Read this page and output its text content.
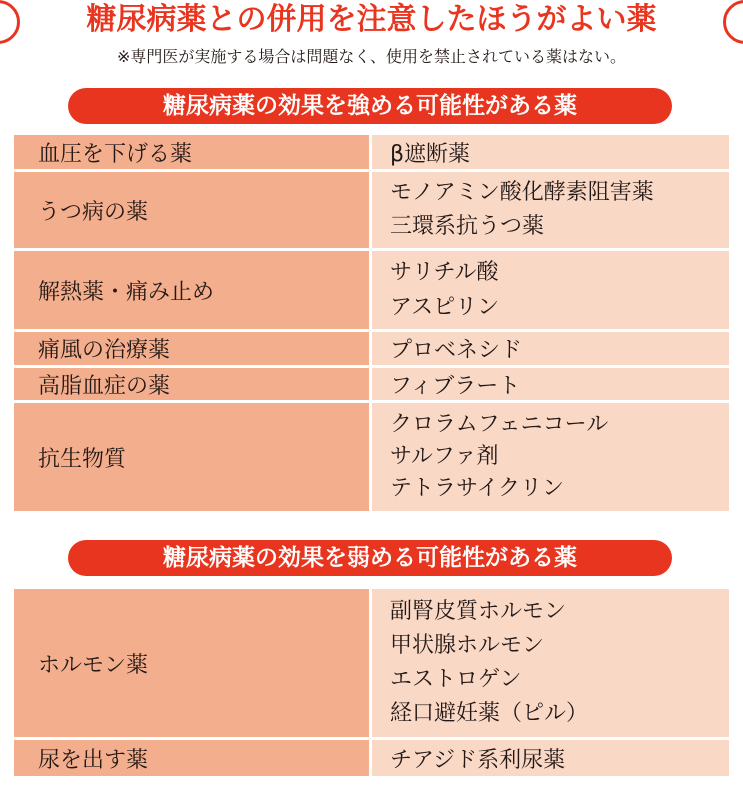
糖尿病薬との併用を注意したほうがよい薬
※専門医が実施する場合は問題なく、使用を禁止されている薬はない。
糖尿病薬の効果を強める可能性がある薬
血圧を下げる薬		β遮断薬

うつ病の薬		モノアミン酸化酵素阻害薬
三環系抗うつ薬

解熱薬・痛み止め		サリチル酸
アスピリン

痛風の治療薬		プロベネシド

高脂血症の薬		フィブラート

抗生物質		クロラムフェニコール
サルファ剤
テトラサイクリン
糖尿病薬の効果を弱める可能性がある薬
ホルモン薬		副腎皮質ホルモン
甲状腺ホルモン
エストロゲン
経口避妊薬（ピル）

尿を出す薬		チアジド系利尿薬
